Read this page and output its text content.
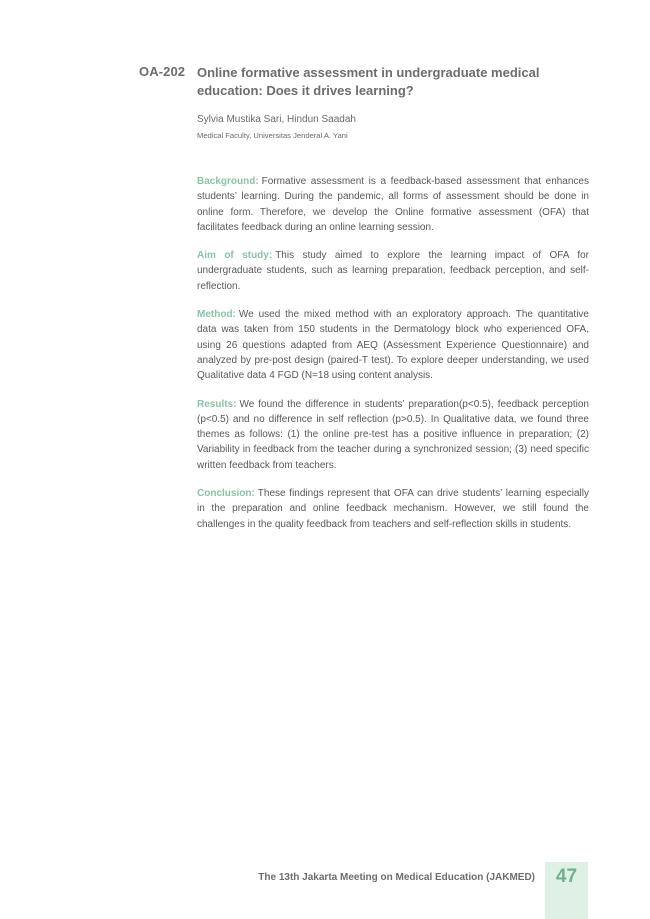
OA-202 Online formative assessment in undergraduate medical education: Does it drives learning?
Sylvia Mustika Sari, Hindun Saadah
Medical Faculty, Universitas Jenderal A. Yani

Background: Formative assessment is a feedback-based assessment that enhances students’ learning. During the pandemic, all forms of assessment should be done in online form. Therefore, we develop the Online formative assessment (OFA) that facilitates feedback during an online learning session.

Aim of study: This study aimed to explore the learning impact of OFA for undergraduate students, such as learning preparation, feedback perception, and self-reflection.

Method: We used the mixed method with an exploratory approach. The quantitative data was taken from 150 students in the Dermatology block who experienced OFA, using 26 questions adapted from AEQ (Assessment Experience Questionnaire) and analyzed by pre-post design (paired-T test). To explore deeper understanding, we used Qualitative data 4 FGD (N=18 using content analysis.

Results: We found the difference in students’ preparation(p<0.5), feedback perception (p<0.5) and no difference in self reflection (p>0.5). In Qualitative data, we found three themes as follows: (1) the online pre-test has a positive influence in preparation; (2) Variability in feedback from the teacher during a synchronized session; (3) need specific written feedback from teachers.

Conclusion: These findings represent that OFA can drive students’ learning especially in the preparation and online feedback mechanism. However, we still found the challenges in the quality feedback from teachers and self-reflection skills in students.

The 13th Jakarta Meeting on Medical Education (JAKMED)	47
